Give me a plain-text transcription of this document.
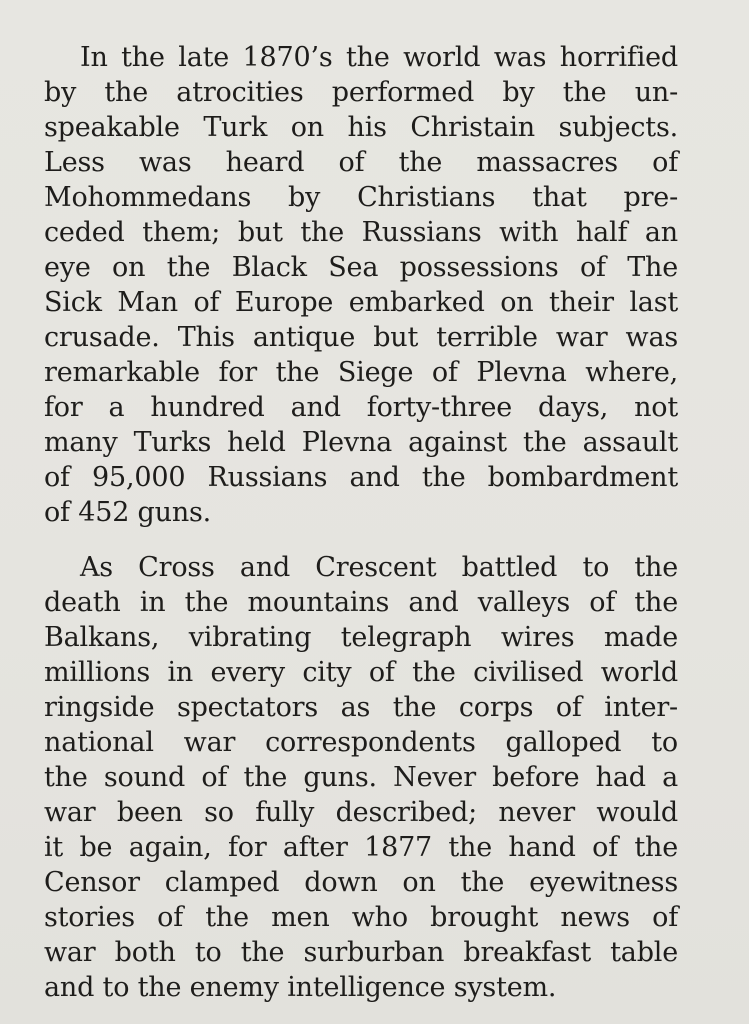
In the late 1870’s the world was horrified
by the atrocities performed by the un-
speakable Turk on his Christain subjects.
Less was heard of the massacres of
Mohommedans by Christians that pre-
ceded them; but the Russians with half an
eye on the Black Sea possessions of The
Sick Man of Europe embarked on their last
crusade. This antique but terrible war was
remarkable for the Siege of Plevna where,
for a hundred and forty-three days, not
many Turks held Plevna against the assault
of 95,000 Russians and the bombardment
of 452 guns.

As Cross and Crescent battled to the
death in the mountains and valleys of the
Balkans, vibrating telegraph wires made
millions in every city of the civilised world
ringside spectators as the corps of inter-
national war correspondents galloped to
the sound of the guns. Never before had a
war been so fully described; never would
it be again, for after 1877 the hand of the
Censor clamped down on the eyewitness
stories of the men who brought news of
war both to the surburban breakfast table
and to the enemy intelligence system.
